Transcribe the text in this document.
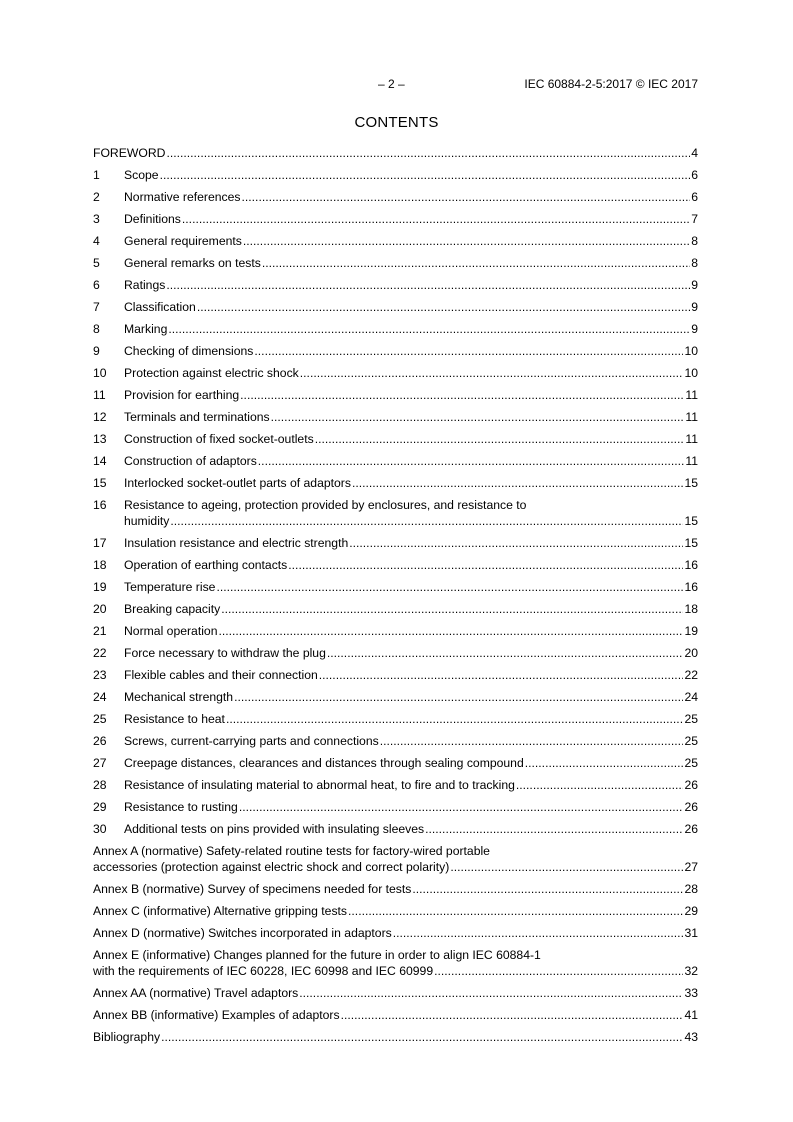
– 2 –	IEC 60884-2-5:2017 © IEC 2017
CONTENTS
FOREWORD .....	4
1	Scope .....	6
2	Normative references .....	6
3	Definitions .....	7
4	General requirements .....	8
5	General remarks on tests .....	8
6	Ratings .....	9
7	Classification .....	9
8	Marking .....	9
9	Checking of dimensions .....	10
10	Protection against electric shock .....	10
11	Provision for earthing .....	11
12	Terminals and terminations .....	11
13	Construction of fixed socket-outlets .....	11
14	Construction of adaptors .....	11
15	Interlocked socket-outlet parts of adaptors .....	15
16	Resistance to ageing, protection provided by enclosures, and resistance to
humidity .....	15
17	Insulation resistance and electric strength .....	15
18	Operation of earthing contacts .....	16
19	Temperature rise .....	16
20	Breaking capacity .....	18
21	Normal operation .....	19
22	Force necessary to withdraw the plug .....	20
23	Flexible cables and their connection .....	22
24	Mechanical strength .....	24
25	Resistance to heat .....	25
26	Screws, current-carrying parts and connections .....	25
27	Creepage distances, clearances and distances through sealing compound .....	25
28	Resistance of insulating material to abnormal heat, to fire and to tracking .....	26
29	Resistance to rusting .....	26
30	Additional tests on pins provided with insulating sleeves .....	26
Annex A (normative) Safety-related routine tests for factory-wired portable
accessories (protection against electric shock and correct polarity) .....	27
Annex B (normative) Survey of specimens needed for tests .....	28
Annex C (informative) Alternative gripping tests .....	29
Annex D (normative) Switches incorporated in adaptors .....	31
Annex E (informative) Changes planned for the future in order to align IEC 60884-1
with the requirements of IEC 60228, IEC 60998 and IEC 60999 .....	32
Annex AA (normative) Travel adaptors .....	33
Annex BB (informative) Examples of adaptors .....	41
Bibliography .....	43
